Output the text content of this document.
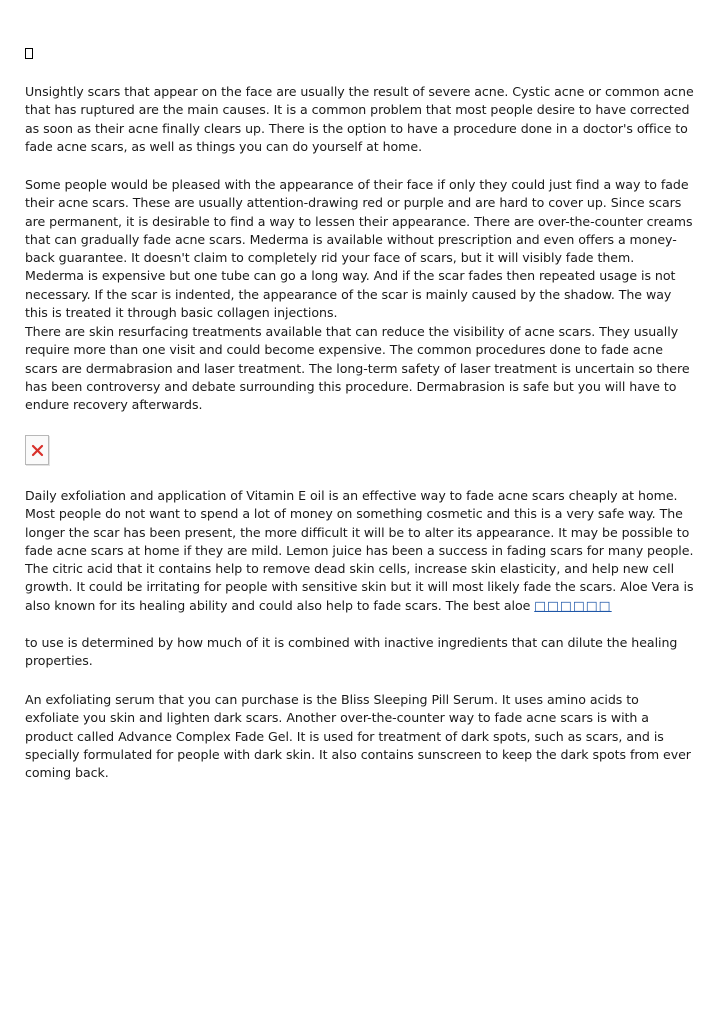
Unsightly scars that appear on the face are usually the result of severe acne. Cystic acne or common acne that has ruptured are the main causes. It is a common problem that most people desire to have corrected as soon as their acne finally clears up. There is the option to have a procedure done in a doctor's office to fade acne scars, as well as things you can do yourself at home.

Some people would be pleased with the appearance of their face if only they could just find a way to fade their acne scars. These are usually attention-drawing red or purple and are hard to cover up. Since scars are permanent, it is desirable to find a way to lessen their appearance. There are over-the-counter creams that can gradually fade acne scars. Mederma is available without prescription and even offers a money-back guarantee. It doesn't claim to completely rid your face of scars, but it will visibly fade them. Mederma is expensive but one tube can go a long way. And if the scar fades then repeated usage is not necessary. If the scar is indented, the appearance of the scar is mainly caused by the shadow. The way this is treated it through basic collagen injections.

There are skin resurfacing treatments available that can reduce the visibility of acne scars. They usually require more than one visit and could become expensive. The common procedures done to fade acne scars are dermabrasion and laser treatment. The long-term safety of laser treatment is uncertain so there has been controversy and debate surrounding this procedure. Dermabrasion is safe but you will have to endure recovery afterwards.

Daily exfoliation and application of Vitamin E oil is an effective way to fade acne scars cheaply at home. Most people do not want to spend a lot of money on something cosmetic and this is a very safe way. The longer the scar has been present, the more difficult it will be to alter its appearance. It may be possible to fade acne scars at home if they are mild. Lemon juice has been a success in fading scars for many people. The citric acid that it contains help to remove dead skin cells, increase skin elasticity, and help new cell growth. It could be irritating for people with sensitive skin but it will most likely fade the scars. Aloe Vera is also known for its healing ability and could also help to fade scars. The best aloe □□□□□□

to use is determined by how much of it is combined with inactive ingredients that can dilute the healing properties.

An exfoliating serum that you can purchase is the Bliss Sleeping Pill Serum. It uses amino acids to exfoliate you skin and lighten dark scars. Another over-the-counter way to fade acne scars is with a product called Advance Complex Fade Gel. It is used for treatment of dark spots, such as scars, and is specially formulated for people with dark skin. It also contains sunscreen to keep the dark spots from ever coming back.
